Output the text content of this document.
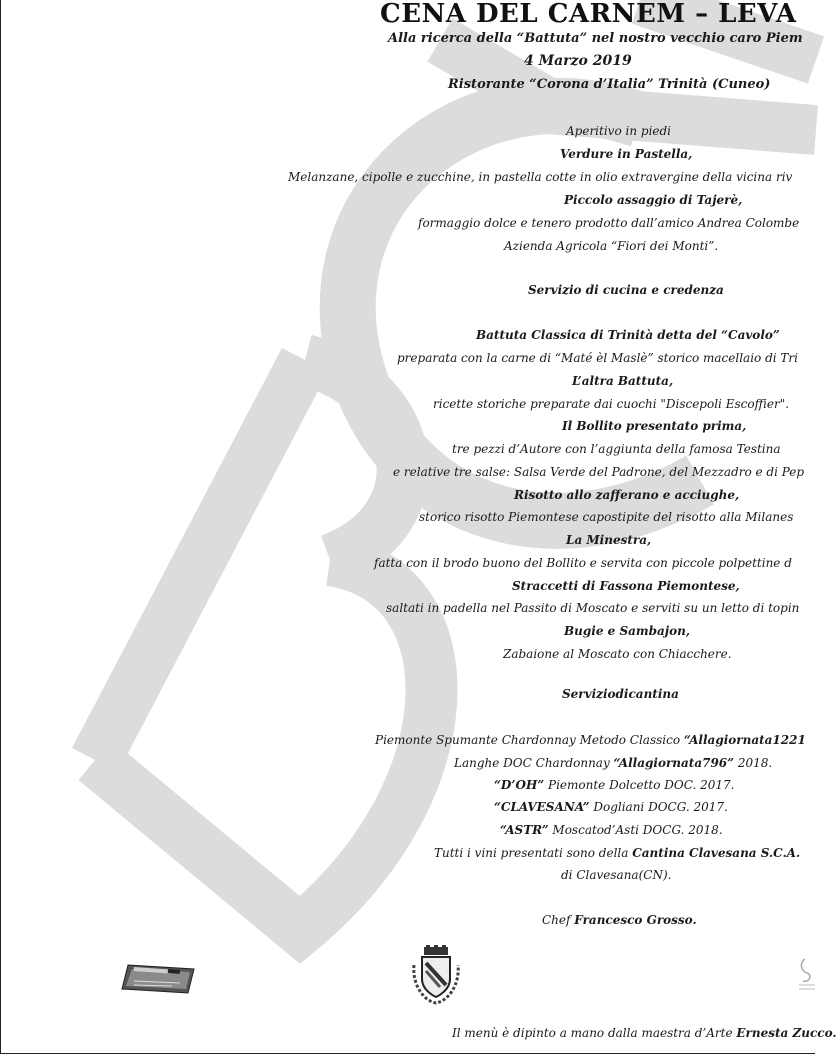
CENA DEL CARNEM – LEVA
Alla ricerca della “Battuta” nel nostro vecchio caro Piem
4 Marzo 2019
Ristorante “Corona d’Italia” Trinità (Cuneo)
Aperitivo in piedi
Verdure in Pastella,
Melanzane, cipolle e zucchine, in pastella cotte in olio extravergine della vicina riv
Piccolo assaggio di Tajerè,
formaggio dolce e tenero prodotto dall’amico Andrea Colombe
Azienda Agricola “Fiori dei Monti”.
Servizio di cucina e credenza
Battuta Classica di Trinità detta del “Cavolo”
preparata con la carne di “Maté èl Maslè” storico macellaio di Tri
L’altra Battuta,
ricette storiche preparate dai cuochi "Discepoli Escoffier".
Il Bollito presentato prima,
tre pezzi d’Autore con l’aggiunta della famosa Testina
e relative tre salse: Salsa Verde del Padrone, del Mezzadro e di Pep
Risotto allo zafferano e acciughe,
storico risotto Piemontese capostipite del risotto alla Milanes
La Minestra,
fatta con il brodo buono del Bollito e servita con piccole polpettine d
Straccetti di Fassona Piemontese,
saltati in padella nel Passito di Moscato e serviti su un letto di topin
Bugie e Sambajon,
Zabaione al Moscato con Chiacchere.
Serviziodicantina
Piemonte Spumante Chardonnay Metodo Classico “Allagiornata1221
Langhe DOC Chardonnay “Allagiornata796” 2018.
“D’OH” Piemonte Dolcetto DOC. 2017.
“CLAVESANA” Dogliani DOCG. 2017.
“ASTR” Moscatod’Asti DOCG. 2018.
Tutti i vini presentati sono della Cantina Clavesana S.C.A.
di Clavesana(CN).
Chef Francesco Grosso.
Il menù è dipinto a mano dalla maestra d’Arte Ernesta Zucco.
